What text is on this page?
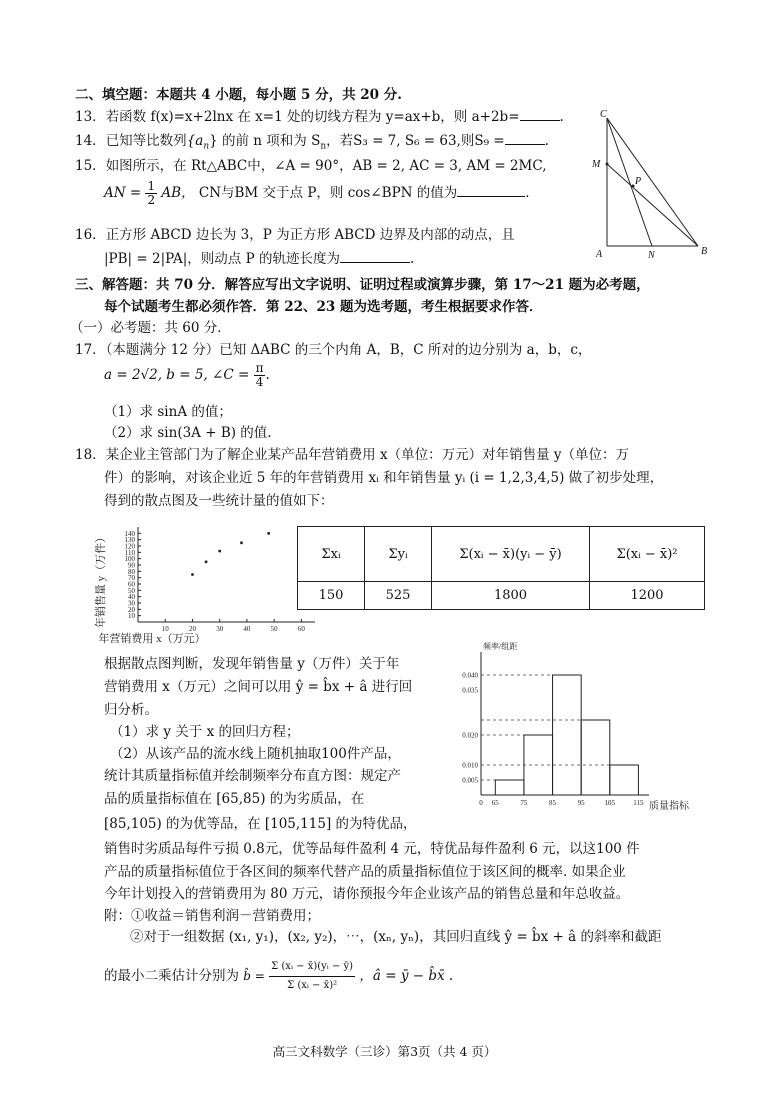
二、填空题：本题共 4 小题，每小题 5 分，共 20 分.
13．若函数 f(x)=x+2lnx 在 x=1 处的切线方程为 y=ax+b，则 a+2b=	.
14．已知等比数列$\{a_n\}$ 的前 n 项和为 $S_n$，若S₃ = 7, S₆ = 63,则S₉ =	.
15．如图所示，在 Rt△ABC中，∠A = 90°，AB = 2, AC = 3, AM = 2MC,
AN = $\frac{1}{2}$ AB， CN与BM 交于点 P，则 cos∠BPN 的值为	.
16．正方形 ABCD 边长为 3，P 为正方形 ABCD 边界及内部的动点，且
|PB| = 2|PA|，则动点 P 的轨迹长度为	.
C
M
P
A	N	B
三、解答题：共 70 分．解答应写出文字说明、证明过程或演算步骤，第 17～21 题为必考题，
每个试题考生都必须作答．第 22、23 题为选考题，考生根据要求作答．
（一）必考题：共 60 分．
17．（本题满分 12 分）已知 ΔABC 的三个内角 A，B，C 所对的边分别为 a，b，c，
a = 2√2, b = 5, ∠C = $\frac{\pi}{4}$ .
（1）求 sinA 的值；
（2）求 sin(3A + B) 的值.
18．某企业主管部门为了解企业某产品年营销费用 x（单位：万元）对年销售量 y（单位：万
件）的影响，对该企业近 5 年的年营销费用 xᵢ 和年销售量 yᵢ (i = 1,2,3,4,5) 做了初步处理，
得到的散点图及一些统计量的值如下：
10
20
30
40
50
60
70
80
90
100
110
120
130
140
10	20	30	40	50	60
年销售量 y（万件）
年营销费用 x（万元）
Σxᵢ	Σyᵢ	Σ(xᵢ − x̄)(yᵢ − ȳ)	Σ(xᵢ − x̄)²
150	525	1800	1200
根据散点图判断，发现年销售量 y（万件）关于年
营销费用 x（万元）之间可以用 ŷ = b̂x + â 进行回
归分析。
（1）求 y 关于 x 的回归方程；
（2）从该产品的流水线上随机抽取100件产品，
统计其质量指标值并绘制频率分布直方图：规定产
品的质量指标值在 [65,85) 的为劣质品，在
[85,105) 的为优等品，在 [105,115] 的为特优品，
销售时劣质品每件亏损 0.8元，优等品每件盈利 4 元，特优品每件盈利 6 元，以这100 件
产品的质量指标值位于各区间的频率代替产品的质量指标值位于该区间的概率. 如果企业
今年计划投入的营销费用为 80 万元，请你预报今年企业该产品的销售总量和年总收益。
附：①收益＝销售利润－营销费用；
②对于一组数据 (x₁, y₁)，(x₂, y₂)，⋯，(xₙ, yₙ)，其回归直线 ŷ = b̂x + â 的斜率和截距
的最小二乘估计分别为 b̂ = $\frac{\text{Σ (xᵢ − x̄)(yᵢ − ȳ)}}{\text{Σ (xᵢ − x̄)²}}$ ，â = ȳ − b̂x̄ .
0.005
0.010
0.020
0.035
0.040
0 65	75	85	95	105	115
频率/组距
质量指标
高三文科数学（三诊）第3页（共 4 页）
